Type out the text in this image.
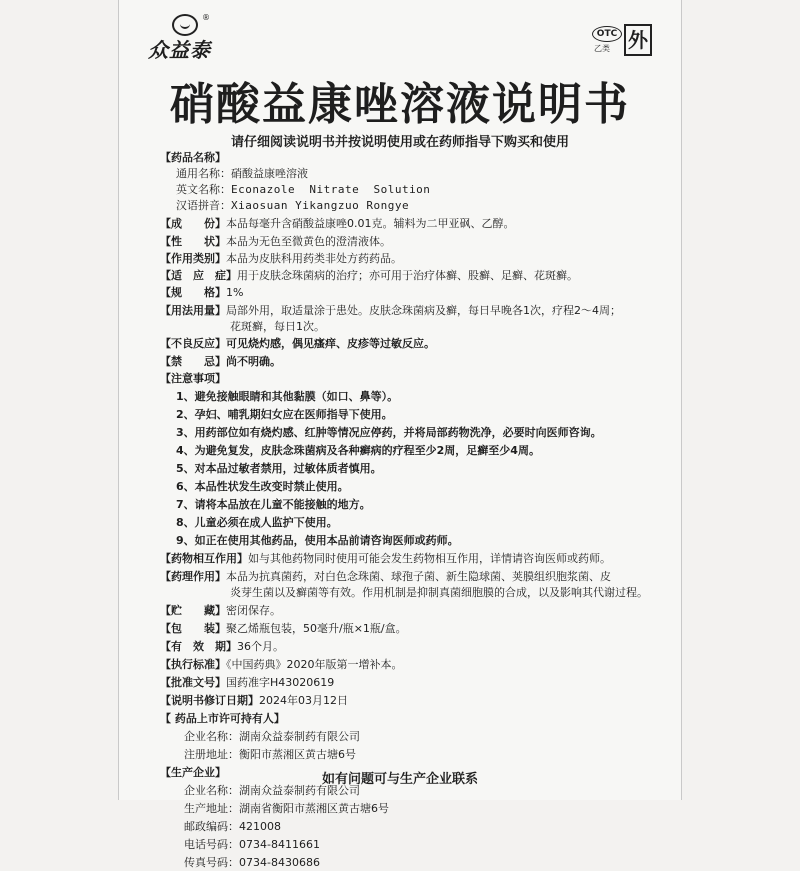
®
众益泰
OTC
乙类 外
硝酸益康唑溶液说明书
请仔细阅读说明书并按说明使用或在药师指导下购买和使用
【药品名称】
通用名称：硝酸益康唑溶液
英文名称：Econazole  Nitrate  Solution
汉语拼音：Xiaosuan Yikangzuo Rongye
【成　　份】本品每毫升含硝酸益康唑0.01克。辅料为二甲亚砜、乙醇。
【性　　状】本品为无色至微黄色的澄清液体。
【作用类别】本品为皮肤科用药类非处方药药品。
【适　应　症】用于皮肤念珠菌病的治疗；亦可用于治疗体癣、股癣、足癣、花斑癣。
【规　　格】1%
【用法用量】局部外用，取适量涂于患处。皮肤念珠菌病及癣，每日早晚各1次，疗程2～4周；
花斑癣，每日1次。
【不良反应】可见烧灼感，偶见瘙痒、皮疹等过敏反应。
【禁　　忌】尚不明确。
【注意事项】
1、避免接触眼睛和其他黏膜（如口、鼻等）。
2、孕妇、哺乳期妇女应在医师指导下使用。
3、用药部位如有烧灼感、红肿等情况应停药，并将局部药物洗净，必要时向医师咨询。
4、为避免复发，皮肤念珠菌病及各种癣病的疗程至少2周，足癣至少4周。
5、对本品过敏者禁用，过敏体质者慎用。
6、本品性状发生改变时禁止使用。
7、请将本品放在儿童不能接触的地方。
8、儿童必须在成人监护下使用。
9、如正在使用其他药品，使用本品前请咨询医师或药师。
【药物相互作用】如与其他药物同时使用可能会发生药物相互作用，详情请咨询医师或药师。
【药理作用】本品为抗真菌药，对白色念珠菌、球孢子菌、新生隐球菌、荚膜组织胞浆菌、皮
炎芽生菌以及癣菌等有效。作用机制是抑制真菌细胞膜的合成，以及影响其代谢过程。
【贮　　藏】密闭保存。
【包　　装】聚乙烯瓶包装，50毫升/瓶×1瓶/盒。
【有　效　期】36个月。
【执行标准】《中国药典》2020年版第一增补本。
【批准文号】国药准字H43020619
【说明书修订日期】2024年03月12日
【 药品上市许可持有人】
企业名称：湖南众益泰制药有限公司
注册地址：衡阳市蒸湘区黄古塘6号
【生产企业】
企业名称：湖南众益泰制药有限公司
生产地址：湖南省衡阳市蒸湘区黄古塘6号
邮政编码：421008
电话号码：0734-8411661
传真号码：0734-8430686
如有问题可与生产企业联系
